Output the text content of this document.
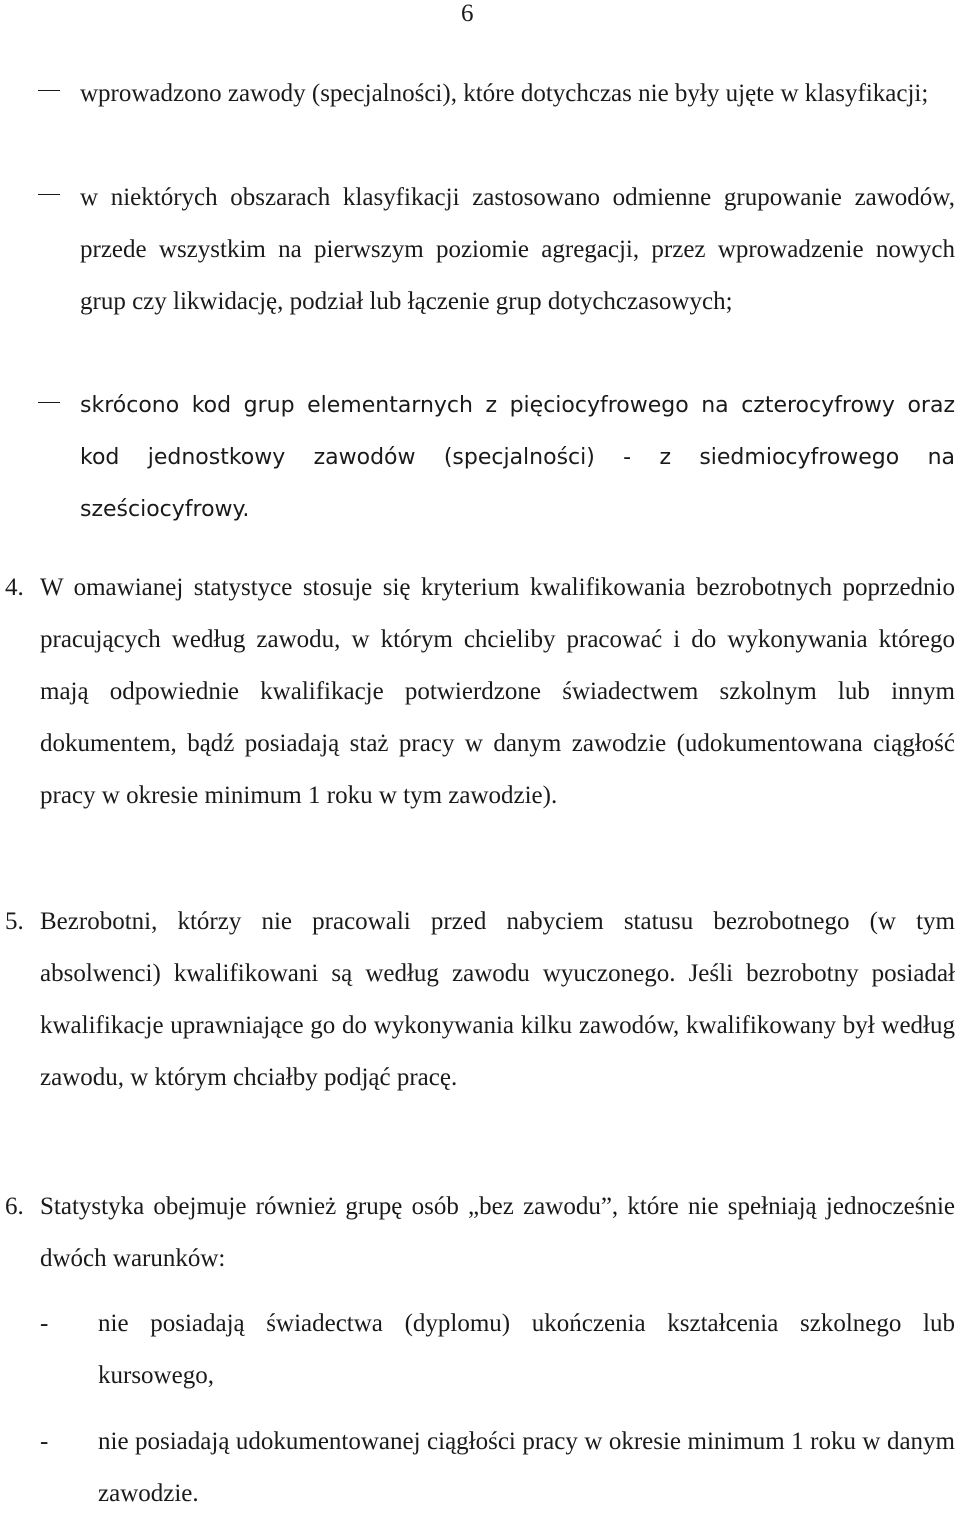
6
wprowadzono zawody (specjalności), które dotychczas nie były ujęte w klasyfikacji;
w niektórych obszarach klasyfikacji zastosowano odmienne grupowanie zawodów, przede wszystkim na pierwszym poziomie agregacji, przez wprowadzenie nowych grup czy likwidację, podział lub łączenie grup dotychczasowych;
skrócono kod grup elementarnych z pięciocyfrowego na czterocyfrowy oraz kod jednostkowy zawodów (specjalności) - z siedmiocyfrowego na sześciocyfrowy.
4. W omawianej statystyce stosuje się kryterium kwalifikowania bezrobotnych poprzednio pracujących według zawodu, w którym chcieliby pracować i do wykonywania którego mają odpowiednie kwalifikacje potwierdzone świadectwem szkolnym lub innym dokumentem, bądź posiadają staż pracy w danym zawodzie (udokumentowana ciągłość pracy w okresie minimum 1 roku w tym zawodzie).
5. Bezrobotni, którzy nie pracowali przed nabyciem statusu bezrobotnego (w tym absolwenci) kwalifikowani są według zawodu wyuczonego. Jeśli bezrobotny posiadał kwalifikacje uprawniające go do wykonywania kilku zawodów, kwalifikowany był według zawodu, w którym chciałby podjąć pracę.
6. Statystyka obejmuje również grupę osób „bez zawodu”, które nie spełniają jednocześnie dwóch warunków:
- nie posiadają świadectwa (dyplomu) ukończenia kształcenia szkolnego lub kursowego,
- nie posiadają udokumentowanej ciągłości pracy w okresie minimum 1 roku w danym zawodzie.
